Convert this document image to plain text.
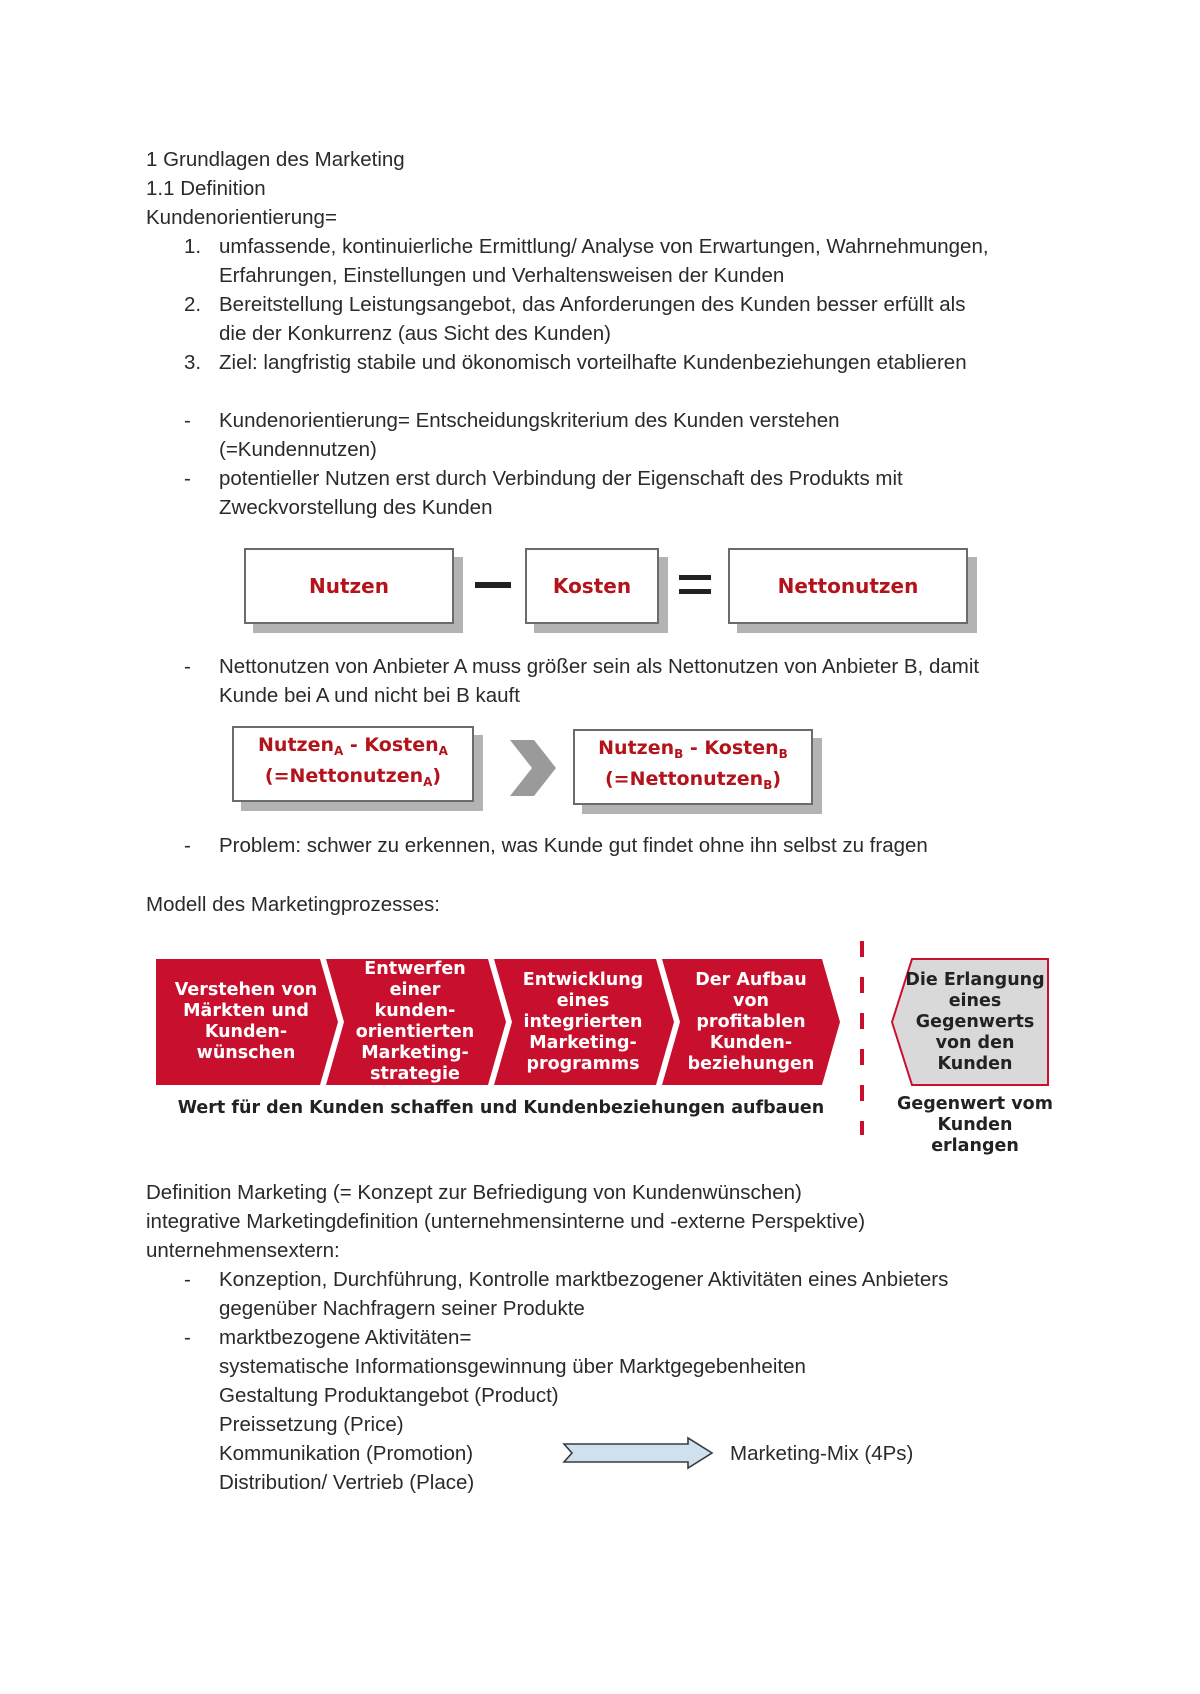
1 Grundlagen des Marketing
1.1 Definition
Kundenorientierung=
1. umfassende, kontinuierliche Ermittlung/ Analyse von Erwartungen, Wahrnehmungen,
Erfahrungen, Einstellungen und Verhaltensweisen der Kunden
2. Bereitstellung Leistungsangebot, das Anforderungen des Kunden besser erfüllt als
die der Konkurrenz (aus Sicht des Kunden)
3. Ziel: langfristig stabile und ökonomisch vorteilhafte Kundenbeziehungen etablieren
- Kundenorientierung= Entscheidungskriterium des Kunden verstehen
(=Kundennutzen)
- potentieller Nutzen erst durch Verbindung der Eigenschaft des Produkts mit
Zweckvorstellung des Kunden
Nutzen	Kosten	Nettonutzen
- Nettonutzen von Anbieter A muss größer sein als Nettonutzen von Anbieter B, damit
Kunde bei A und nicht bei B kauft
Nutzen$_A$ - Kosten$_A$
(=Nettonutzen$_A$)
Nutzen$_B$ - Kosten$_B$
(=Nettonutzen$_B$)
- Problem: schwer zu erkennen, was Kunde gut findet ohne ihn selbst zu fragen
Modell des Marketingprozesses:
Verstehen von
Märkten und
Kunden-
wünschen
Entwerfen
einer
kunden-
orientierten
Marketing-
strategie
Entwicklung
eines
integrierten
Marketing-
programms
Der Aufbau
von
profitablen
Kunden-
beziehungen
Die Erlangung
eines Gegenwerts
von den Kunden
Wert für den Kunden schaffen und Kundenbeziehungen aufbauen	Gegenwert vom
Kunden
erlangen
Definition Marketing (= Konzept zur Befriedigung von Kundenwünschen)
integrative Marketingdefinition (unternehmensinterne und -externe Perspektive)
unternehmensextern:
- Konzeption, Durchführung, Kontrolle marktbezogener Aktivitäten eines Anbieters
gegenüber Nachfragern seiner Produkte
- marktbezogene Aktivitäten=
systematische Informationsgewinnung über Marktgegebenheiten
Gestaltung Produktangebot (Product)
Preissetzung (Price)
Kommunikation (Promotion)
Distribution/ Vertrieb (Place)
Marketing-Mix (4Ps)
